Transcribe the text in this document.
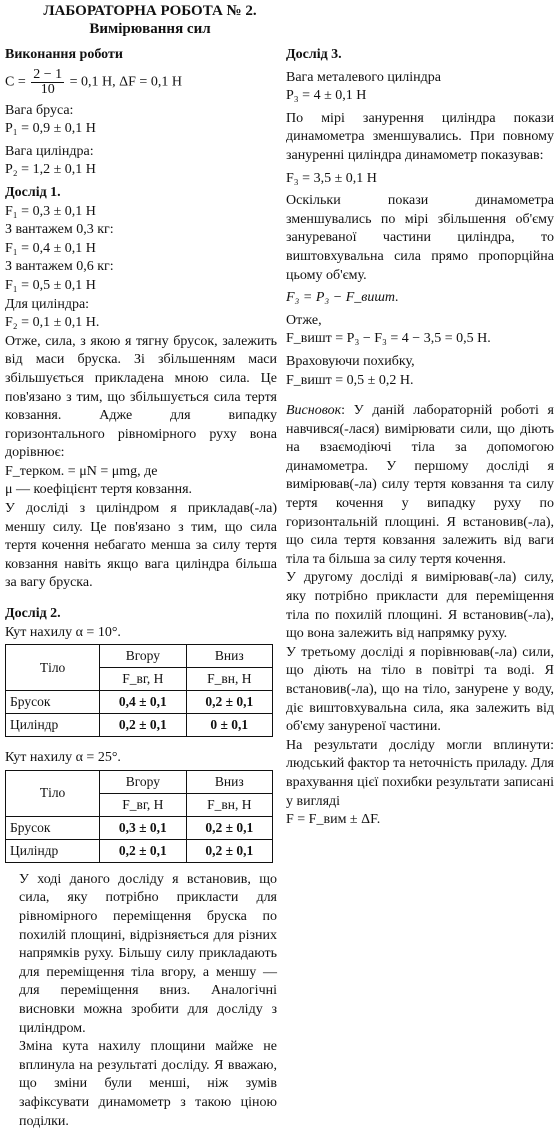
ЛАБОРАТОРНА РОБОТА № 2.
Вимірювання сил
Виконання роботи
$C = \frac{2 - 1}{10} = 0,1$ Н, ΔF = 0,1 Н
Вага бруса:
P₁ = 0,9 ± 0,1 Н
Вага циліндра:
P₂ = 1,2 ± 0,1 Н
Дослід 1.
F₁ = 0,3 ± 0,1 Н
З вантажем 0,3 кг:
F₁ = 0,4 ± 0,1 Н
З вантажем 0,6 кг:
F₁ = 0,5 ± 0,1 Н
Для циліндра:
F₂ = 0,1 ± 0,1 Н.
Отже, сила, з якою я тягну брусок, залежить від маси бруска. Зі збільшенням маси збільшується прикладена мною сила. Це пов'язано з тим, що збільшується сила тертя ковзання. Адже для випадку горизонтального рівномірного руху вона дорівнює:
F_терком. = μN = μmg, де
μ — коефіцієнт тертя ковзання.
У досліді з циліндром я прикладав(-ла) меншу силу. Це пов'язано з тим, що сила тертя кочення небагато менша за силу тертя ковзання навіть якщо вага циліндра більша за вагу бруска.
Дослід 2.
Кут нахилу α = 10°.
Тіло	Вгору	Вниз
	F_вг, Н	F_вн, Н
Брусок	0,4 ± 0,1	0,2 ± 0,1
Циліндр	0,2 ± 0,1	0 ± 0,1
Кут нахилу α = 25°.
Тіло	Вгору	Вниз
	F_вг, Н	F_вн, Н
Брусок	0,3 ± 0,1	0,2 ± 0,1
Циліндр	0,2 ± 0,1	0,2 ± 0,1
У ході даного досліду я встановив, що сила, яку потрібно прикласти для рівномірного переміщення бруска по похилій площині, відрізняється для різних напрямків руху. Більшу силу прикладають для переміщення тіла вгору, а меншу — для переміщення вниз. Аналогічні висновки можна зробити для досліду з циліндром.
Зміна кута нахилу площини майже не вплинула на результаті досліду. Я вважаю, що зміни були менші, ніж зумів зафіксувати динамометр з такою ціною поділки.
Дослід 3.
Вага металевого циліндра
P₃ = 4 ± 0,1 Н
По мірі занурення циліндра покази динамометра зменшувались. При повному зануренні циліндра динамометр показував:
F₃ = 3,5 ± 0,1 Н
Оскільки покази динамометра зменшувались по мірі збільшення об'єму зануреваної частини циліндра, то виштовхувальна сила прямо пропорційна цьому об'єму.
F₃ = P₃ − F_вишт.
Отже,
F_вишт = P₃ − F₃ = 4 − 3,5 = 0,5 Н.
Враховуючи похибку,
F_вишт = 0,5 ± 0,2 Н.
Висновок: У даній лабораторній роботі я навчився(-лася) вимірювати сили, що діють на взаємодіючі тіла за допомогою динамометра. У першому досліді я вимірював(-ла) силу тертя ковзання та силу тертя кочення у випадку руху по горизонтальній площині. Я встановив(-ла), що сила тертя ковзання залежить від ваги тіла та більша за силу тертя кочення.
У другому досліді я вимірював(-ла) силу, яку потрібно прикласти для переміщення тіла по похилій площині. Я встановив(-ла), що вона залежить від напрямку руху.
У третьому досліді я порівнював(-ла) сили, що діють на тіло в повітрі та воді. Я встановив(-ла), що на тіло, занурене у воду, діє виштовхувальна сила, яка залежить від об'єму зануреної частини.
На результати досліду могли вплинути: людський фактор та неточність приладу. Для врахування цієї похибки результати записані у вигляді
F = F_вим ± ΔF.
